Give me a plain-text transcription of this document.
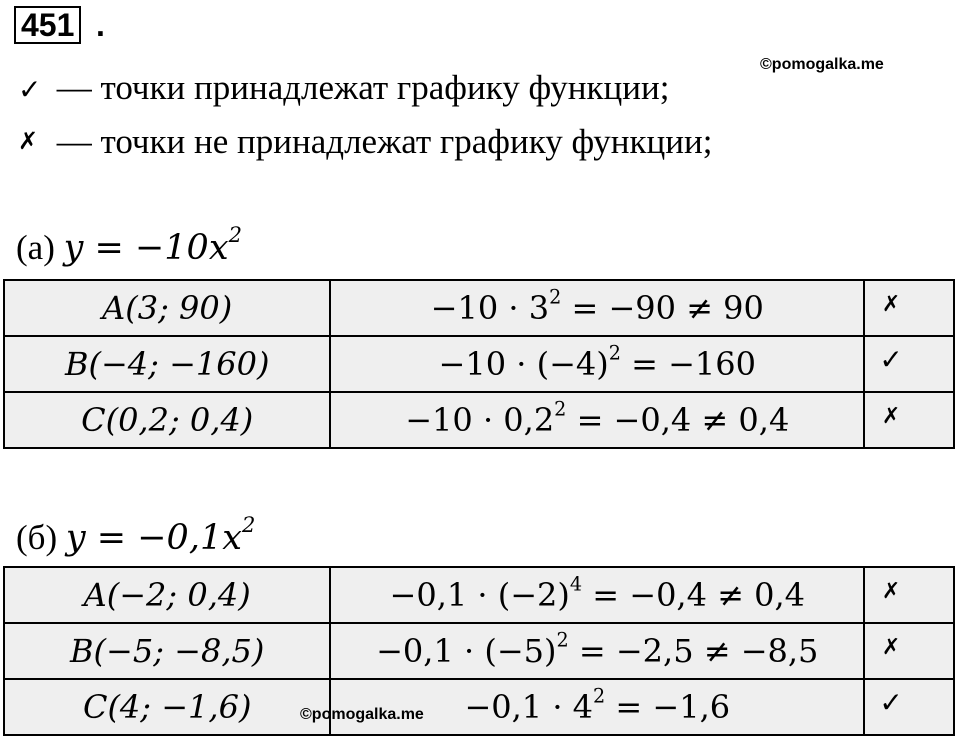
451 .
©pomogalka.me
✓ — точки принадлежат графику функции;
✗ — точки не принадлежат графику функции;
(а) $y = -10x^2$
A(3; 90)	$-10 \cdot 3^2 = -90 \ne 90$	✗
B(−4; −160)	$-10 \cdot (-4)^2 = -160$	✓
C(0,2; 0,4)	$-10 \cdot 0,2^2 = -0,4 \ne 0,4$	✗
(б) $y = -0,1x^2$
A(−2; 0,4)	$-0,1 \cdot (-2)^4 = -0,4 \ne 0,4$	✗
B(−5; −8,5)	$-0,1 \cdot (-5)^2 = -2,5 \ne -8,5$	✗
C(4; −1,6)	$-0,1 \cdot 4^2 = -1,6$	✓
©pomogalka.me
